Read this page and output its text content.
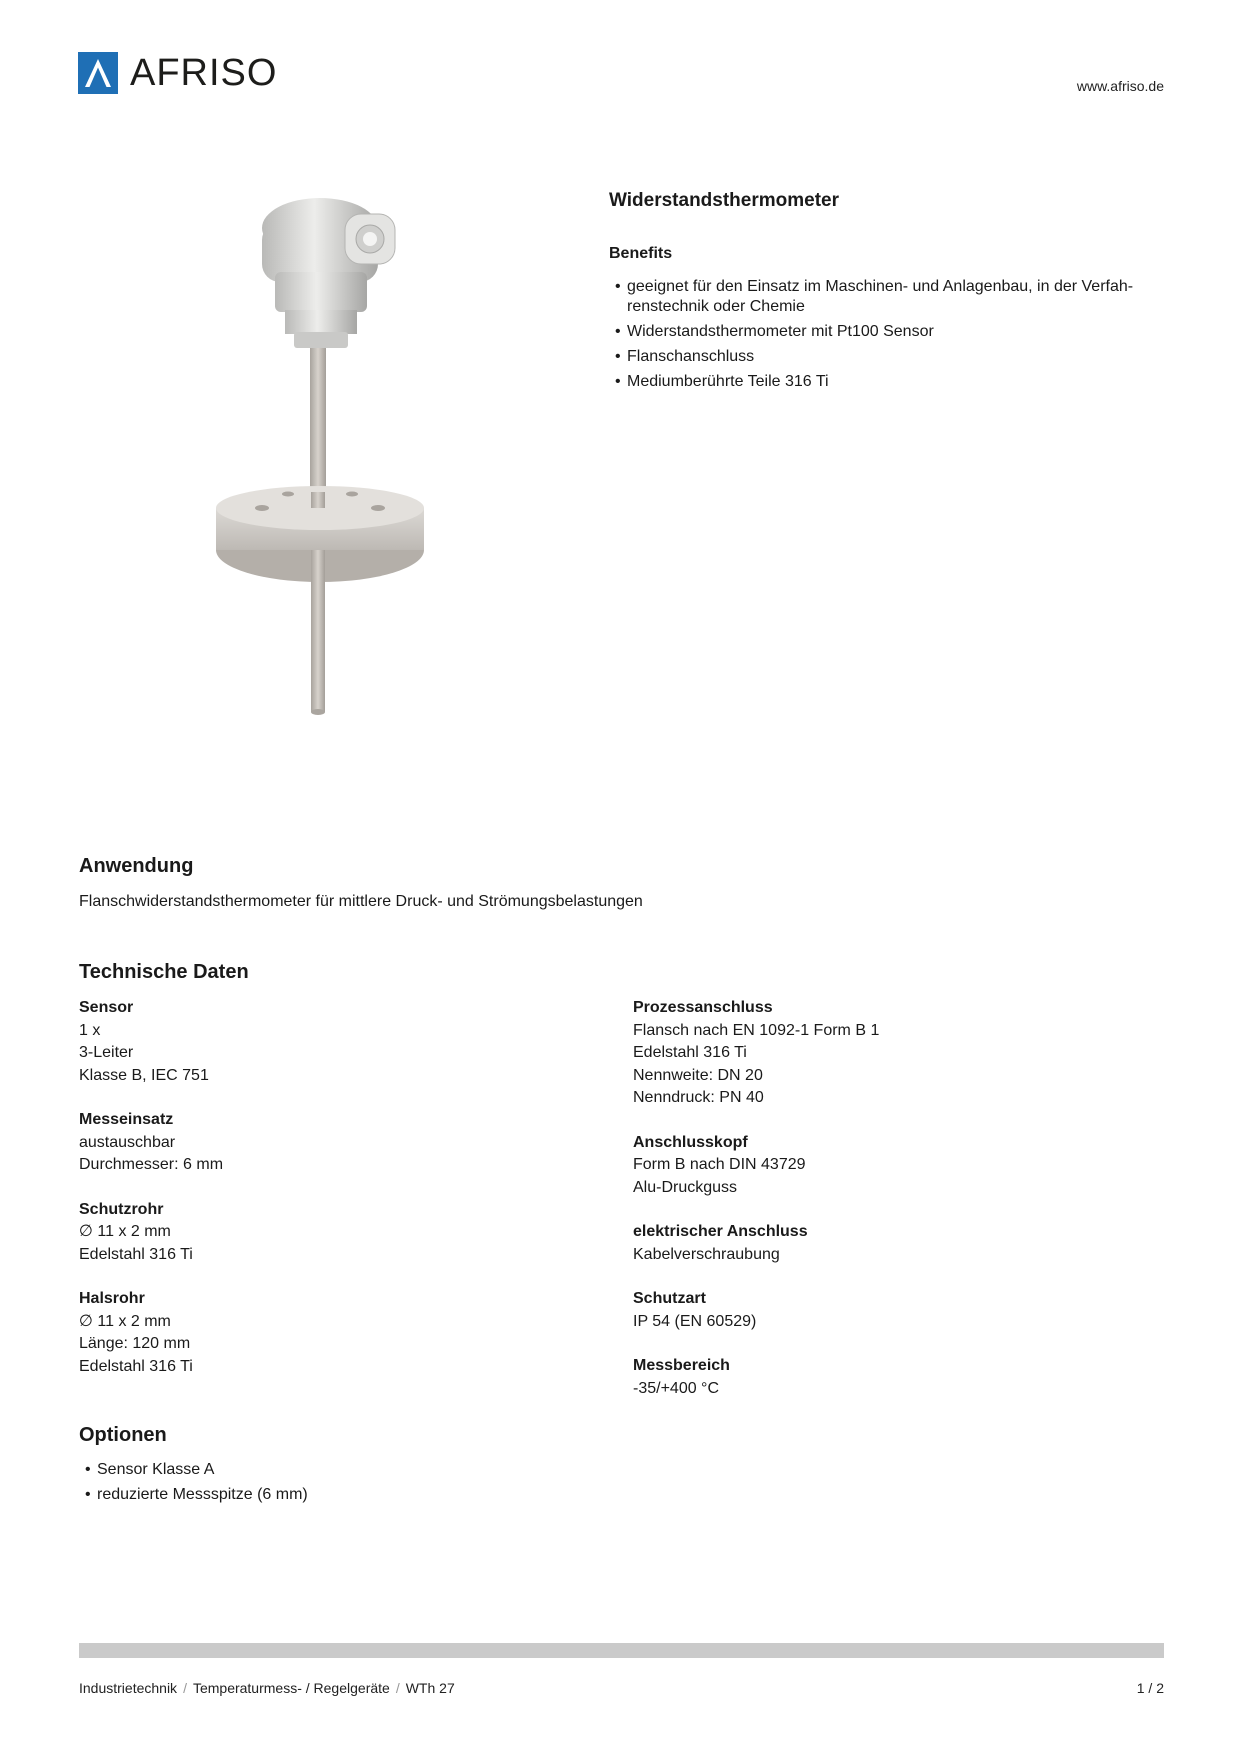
AFRISO	www.afriso.de
Widerstandsthermometer
Benefits
• geeignet für den Einsatz im Maschinen- und Anlagenbau, in der Verfah-renstechnik oder Chemie
• Widerstandsthermometer mit Pt100 Sensor
• Flanschanschluss
• Mediumberührte Teile 316 Ti
Anwendung
Flanschwiderstandsthermometer für mittlere Druck- und Strömungsbelastungen
Technische Daten
Sensor
1 x
3-Leiter
Klasse B, IEC 751
Messeinsatz
austauschbar
Durchmesser: 6 mm
Schutzrohr
∅ 11 x 2 mm
Edelstahl 316 Ti
Halsrohr
∅ 11 x 2 mm
Länge: 120 mm
Edelstahl 316 Ti
Prozessanschluss
Flansch nach EN 1092-1 Form B 1
Edelstahl 316 Ti
Nennweite: DN 20
Nenndruck: PN 40
Anschlusskopf
Form B nach DIN 43729
Alu-Druckguss
elektrischer Anschluss
Kabelverschraubung
Schutzart
IP 54 (EN 60529)
Messbereich
-35/+400 °C
Optionen
• Sensor Klasse A
• reduzierte Messspitze (6 mm)
Industrietechnik / Temperaturmess- / Regelgeräte / WTh 27	1 / 2
